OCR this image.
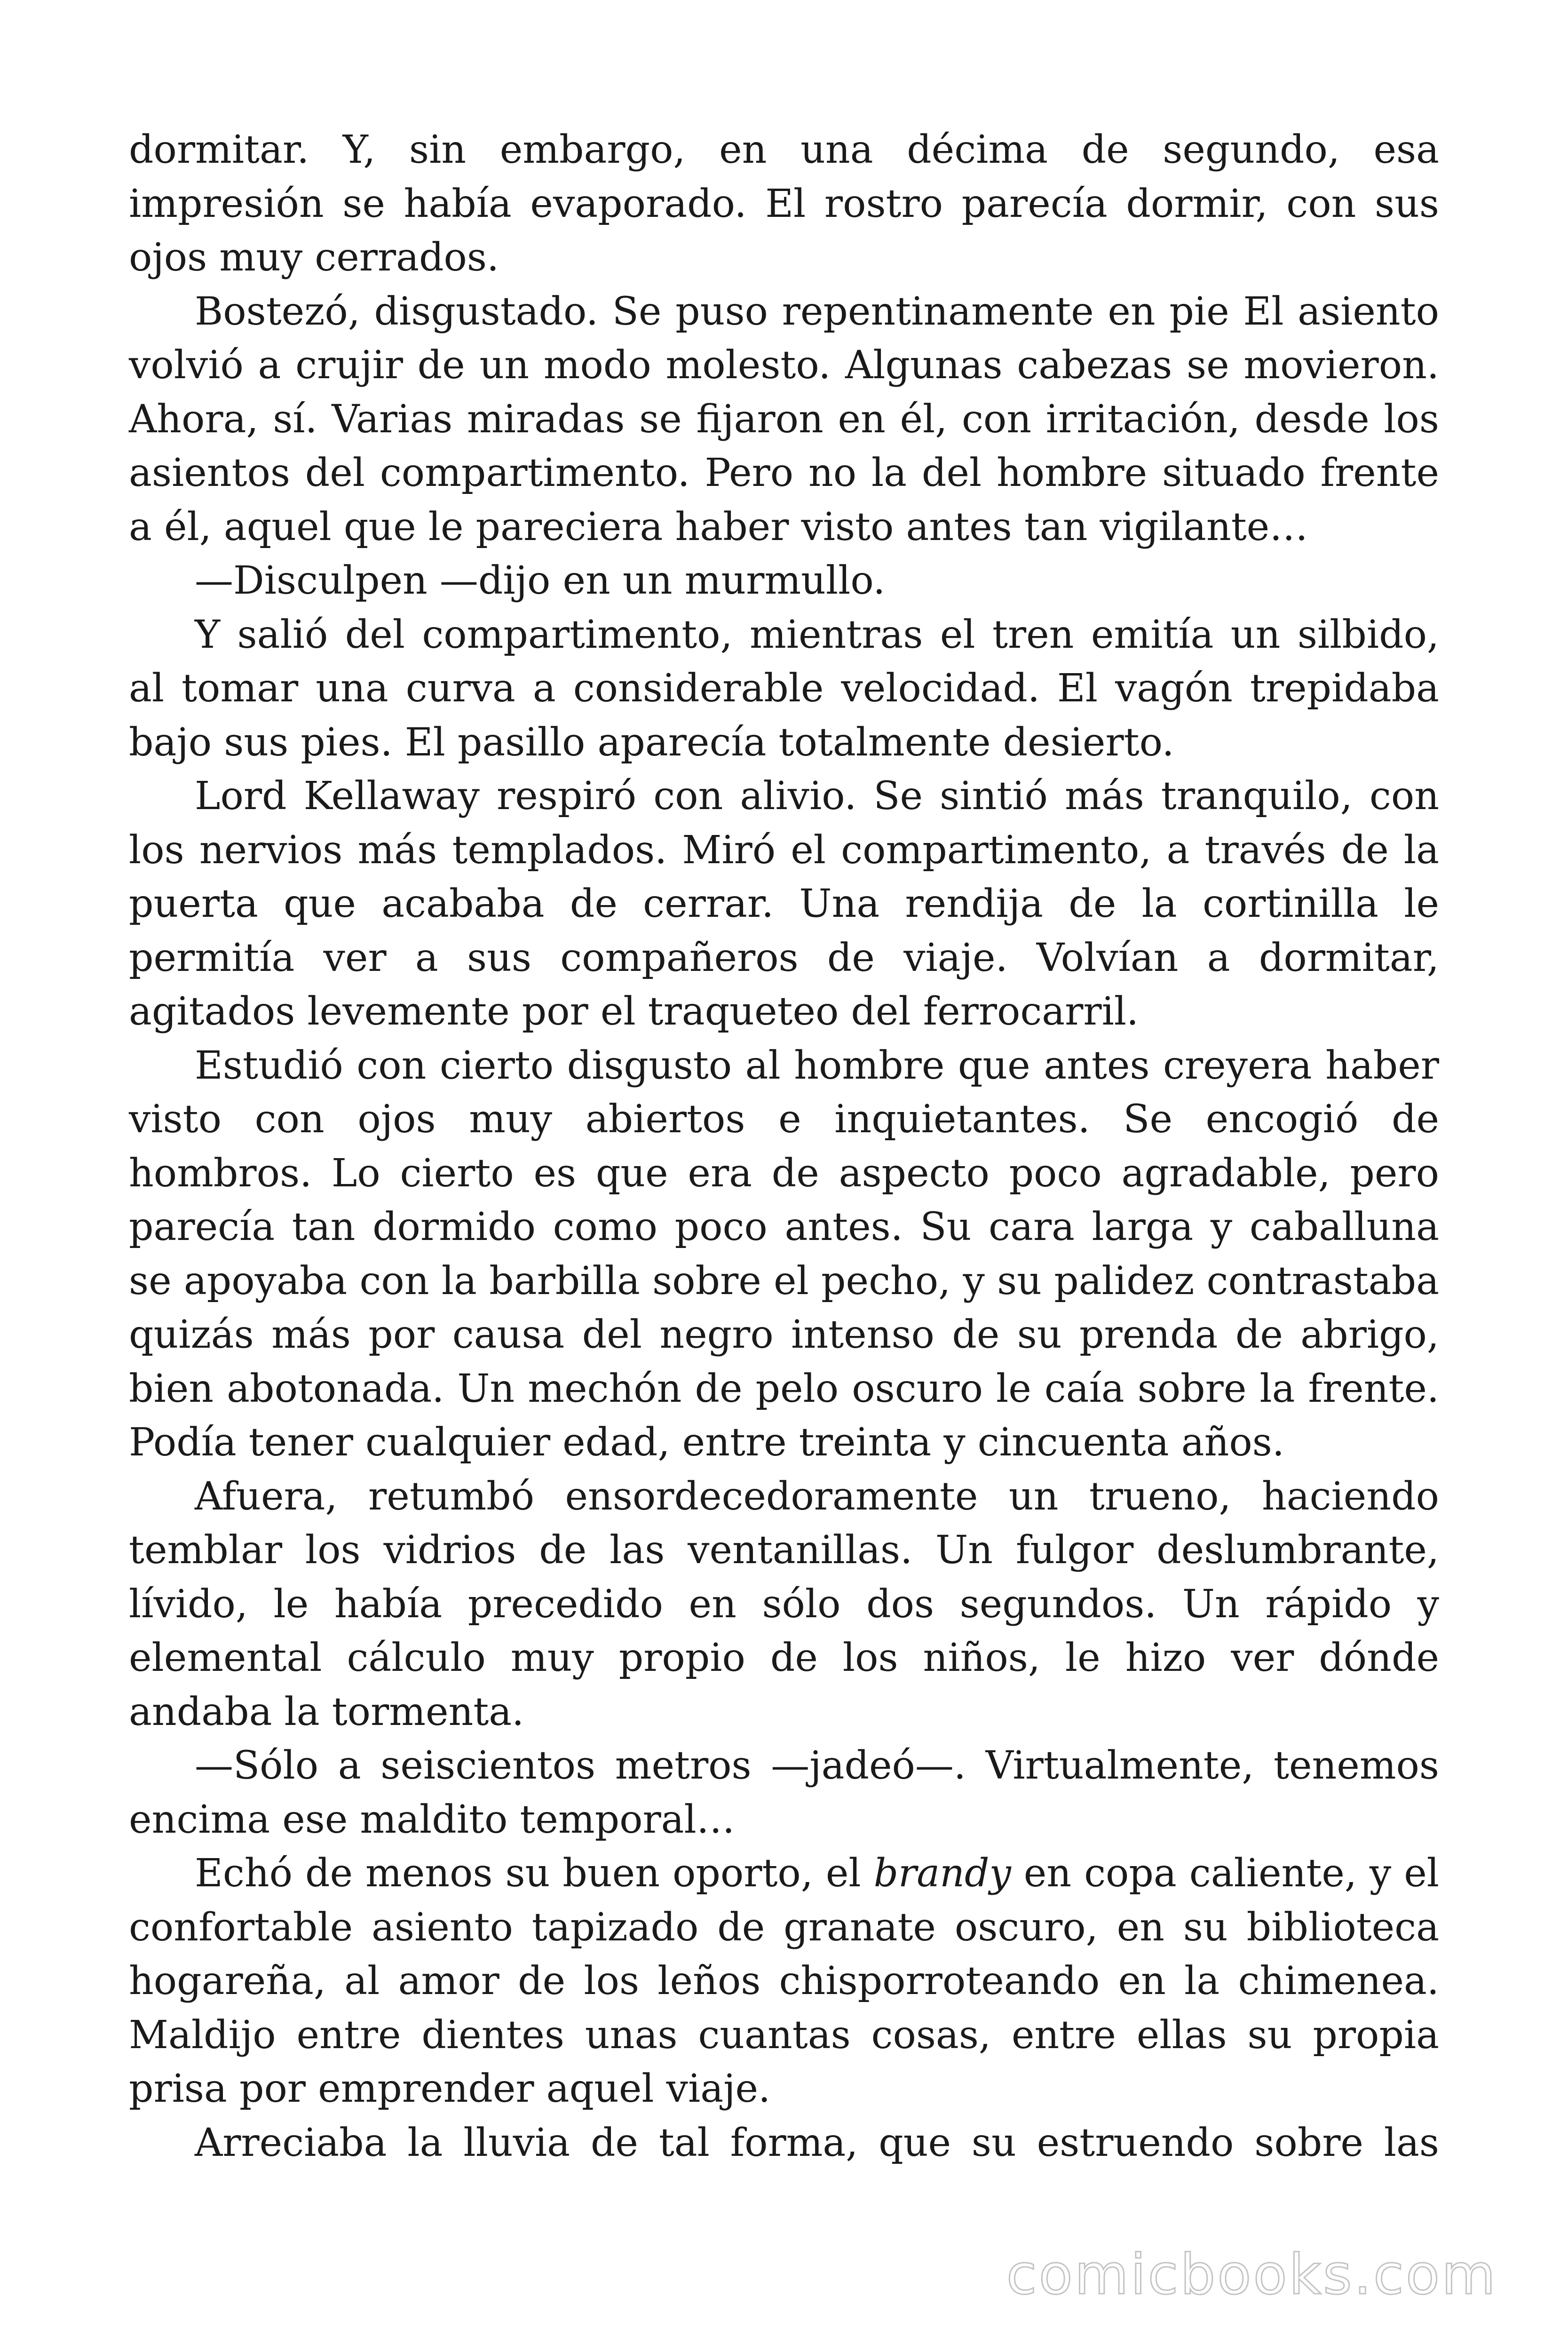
dormitar. Y, sin embargo, en una décima de segundo, esa impresión se había evaporado. El rostro parecía dormir, con sus ojos muy cerrados.

Bostezó, disgustado. Se puso repentinamente en pie El asiento volvió a crujir de un modo molesto. Algunas cabezas se movieron. Ahora, sí. Varias miradas se fijaron en él, con irritación, desde los asientos del compartimento. Pero no la del hombre situado frente a él, aquel que le pareciera haber visto antes tan vigilante…

—Disculpen —dijo en un murmullo.

Y salió del compartimento, mientras el tren emitía un silbido, al tomar una curva a considerable velocidad. El vagón trepidaba bajo sus pies. El pasillo aparecía totalmente desierto.

Lord Kellaway respiró con alivio. Se sintió más tranquilo, con los nervios más templados. Miró el compartimento, a través de la puerta que acababa de cerrar. Una rendija de la cortinilla le permitía ver a sus compañeros de viaje. Volvían a dormitar, agitados levemente por el traqueteo del ferrocarril.

Estudió con cierto disgusto al hombre que antes creyera haber visto con ojos muy abiertos e inquietantes. Se encogió de hombros. Lo cierto es que era de aspecto poco agradable, pero parecía tan dormido como poco antes. Su cara larga y caballuna se apoyaba con la barbilla sobre el pecho, y su palidez contrastaba quizás más por causa del negro intenso de su prenda de abrigo, bien abotonada. Un mechón de pelo oscuro le caía sobre la frente. Podía tener cualquier edad, entre treinta y cincuenta años.

Afuera, retumbó ensordecedoramente un trueno, haciendo temblar los vidrios de las ventanillas. Un fulgor deslumbrante, lívido, le había precedido en sólo dos segundos. Un rápido y elemental cálculo muy propio de los niños, le hizo ver dónde andaba la tormenta.

—Sólo a seiscientos metros —jadeó—. Virtualmente, tenemos encima ese maldito temporal…

Echó de menos su buen oporto, el brandy en copa caliente, y el confortable asiento tapizado de granate oscuro, en su biblioteca hogareña, al amor de los leños chisporroteando en la chimenea. Maldijo entre dientes unas cuantas cosas, entre ellas su propia prisa por emprender aquel viaje.

Arreciaba la lluvia de tal forma, que su estruendo sobre las

comicbooks.com
